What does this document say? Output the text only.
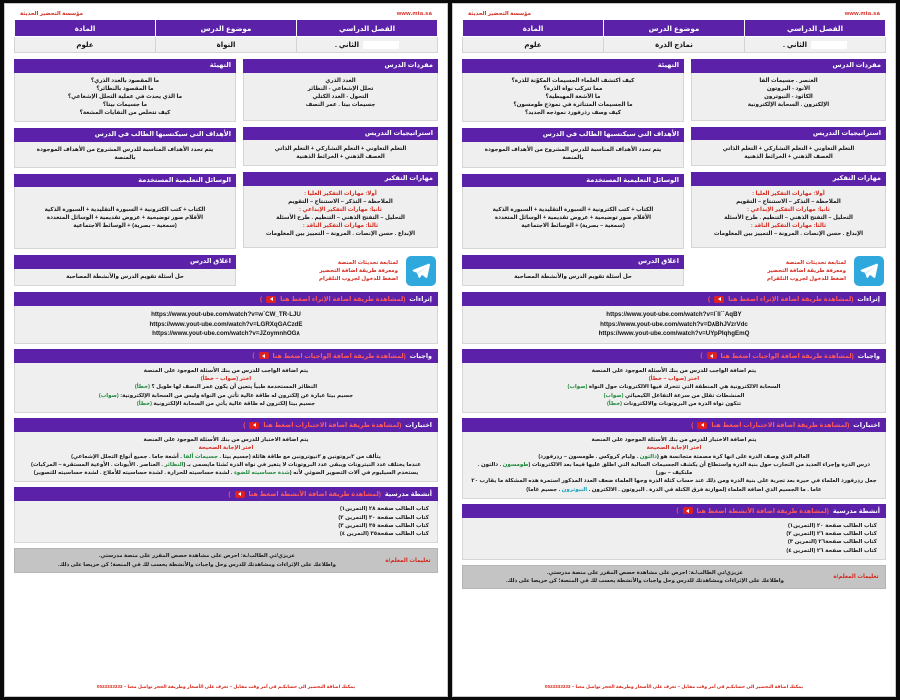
www.mta.sa
مؤسسة التحضير الحديثة
الفصل الدراسي	موضوع الدرس	المادة
الثاني .	نماذج الذرة	علوم
مفردات الدرس
العنصر . جسيمات ألفا
الأنود - البروتون
الكاثود - النيوترون
الإلكترون . السحابة الإلكترونية
استراتيجيات التدريس
التعلم التعاوني + التعلم التشاركي + التعلم الذاتي
العصف الذهني + الخرائط الذهنية
مهارات التفكير
أولا: مهارات التفكير العليا :
الملاحظة – التذكر – الاستنتاج – التقويم
ثانيا: مهارات التفكير الإبداعي :
التحليل – التفتح الذهني – التنظيم . طرح الأسئلة
ثالثا: مهارات التفكير الناقد :
الإبداع . حسن الإنصات . المرونة – التمييز بين المعلومات
لمتابعة تحديثات المنصة
ومعرفة طريقة اضافة التحضير
اضغط للدخول لجروب التلقرام
التهيئة
كيف اكتشف العلماء الجسيمات المكوّنة للذرة؟
مما تتركب نواة الذرة؟
ما الأشعة المهبطية؟
ما الجسيمات المتناثرة في نموذج طومسون؟
كيف وصف رذرفورد نموذجه الجديد؟
الأهداف التي سيكتسبها الطالب في الدرس
يتم تحدد الأهداف المناسبة للدرس المشروح من الأهداف الموجودة
بالمنصة
الوسائل التعليمية المستخدمة
الكتاب + كتب الكترونية + السبورة التقليدية + السبورة الذكية
الأقلام صور توضيحية + عروض تقديمية + الوسائل المتعددة
(سمعية – بصرية) + الوسائط الاجتماعية
اغلاق الدرس
حل أسئلة تقويم الدرس والأنشطة المصاحبة
إثراءات
(لمشاهدة طريقة اضافة الإثراء اضغط هنا
)
https://www.yout-ube.com/watch?v=l`ll``AqBY
https://www.yout-ube.com/watch?v=D٨BhJVzrVdc
https://www.yout-ube.com/watch?v=UYpPIqhgEmQ
واجبات
(لمشاهدة طريقة اضافة الواجبات اضغط هنا
)
يتم اضافة الواجب للدرس من بنك الأسئلة الموجود على المنصة
اختر (صواب – خطأ)
السحابة الالكترونية هي المنطقة التي تتحرك فيها الالكترونات حول النواة (صواب)
المنشطات تقلل من سرعة التفاعل الكيميائي (صواب)
تتكون نواة الذرة من البروتونات والالكترونات (خطأ)
اختبارات
(لمشاهدة طريقة اضافة الاختبارات اضغط هنا
)
يتم اضافة الاختبار للدرس من بنك الأسئلة الموجود على المنصة
اختر الإجابة الصحيحة
العالم الذي وصف الذرة على انها كرة مصمتة متجانسة هو (دالتون . وليام كروكس . طومسون – رذرفورد)
درس الذرة وإجراء العديد من التجارب حول بنية الذرة واستطاع أن يكشف الجسيمات السالبة التي اطلق عليها فيما بعد الالكترونات (طومسون . دالتون . ملنكيف – بور)
جعل رذرفورد العلماء في حيرة بعد تجربة على بنية الذرة ومن ذلك عند حساب كتلة الذرة وجها العلماء ضعف العدد المذكور استمرة هذه المشكلة ما يقارب ٢٠ عاما . ما الجسيم الذي اضافة العلماء (لموازنة فرق الكتلة في الذرة . البروتون . الالكترون . النيوترون . جسيم غاما)
أنشطة مدرسية
(لمشاهدة طريقة اضافة الأنشطة اضغط هنا
)
كتاب الطالب صفحة ٢٠ (التمرين١)
كتاب الطالب صفحة ٢٦ (التمرين ٢)
كتاب الطالب صفحة٢٦ (التمرين ٣)
كتاب الطالب صفحة ٢٦ (التمرين ٤)
تعليمات المعلم/ة
عزيزي/تي الطالب/ـة: احرص على مشاهدة حصص المقرر على منصة مدرستي.
واطلاعك على الإثراءات ومشاهدتك للدرس وحل واجبات والأنشطة يحسب لك في المنصة؛ كن حريصا على ذلك.
يمكنك اضافة التحضير الى حسابكـم في أمر وقت مقابل – تعرف على الأسعار وطريقة الحجز تواصل معنا – 0533333333
www.mta.sa
مؤسسة التحضير الحديثة
الفصل الدراسي	موضوع الدرس	المادة
الثاني .	النواة	علوم
مفردات الدرس
العدد الذري
تحلل الإشعاعي - النظائر
التحول - العدد الكتلي
جسيمات بيتا . عمر النصف
استراتيجيات التدريس
التعلم التعاوني + التعلم التشاركي + التعلم الذاتي
العصف الذهني + الخرائط الذهنية
مهارات التفكير
أولا: مهارات التفكير العليا :
الملاحظة – التذكر – الاستنتاج – التقويم
ثانيا: مهارات التفكير الإبداعي :
التحليل – التفتح الذهني – التنظيم . طرح الأسئلة
ثالثا: مهارات التفكير الناقد :
الإبداع . حسن الإنصات . المرونة – التمييز بين المعلومات
لمتابعة تحديثات المنصة
ومعرفة طريقة اضافة التحضير
اضغط للدخول لجروب التلقرام
التهيئة
ما المقصود بالعدد الذري؟
ما المقصود بالنظائر؟
ما الذي يحدث في عملية التحلل الإشعاعي؟
ما جسيمات بيتا؟
كيف تتخلص من النفايات المشعة؟
الأهداف التي سيكتسبها الطالب في الدرس
يتم تحدد الأهداف المناسبة للدرس المشروح من الأهداف الموجودة
بالمنصة
الوسائل التعليمية المستخدمة
الكتاب + كتب الكترونية + السبورة التقليدية + السبورة الذكية
الأقلام صور توضيحية + عروض تقديمية + الوسائل المتعددة
(سمعية – بصرية) + الوسائط الاجتماعية
اغلاق الدرس
حل أسئلة تقويم الدرس والأنشطة المصاحبة
إثراءات
(لمشاهدة طريقة اضافة الإثراء اضغط هنا
)
https://www.yout-ube.com/watch?v=w`CW_TR-LJU
https://www.yout-ube.com/watch?v=LGRXqGACzdE
https://www.yout-ube.com/watch?v=JZoymnhOG٨
واجبات
(لمشاهدة طريقة اضافة الواجبات اضغط هنا
)
يتم اضافة الواجب للدرس من بنك الأسئلة الموجود على المنصة
اختر (صواب – خطأ)
النظائر المستخدمة طبياً يتعين أن يكون عمر النصف لها طويل ؟ (خطأ)
جسيم بيتا عبارة عن إلكترون له طاقة عالية تأتي من النواة وليس من السحابة الإلكترونية: (صواب)
جسيم بيتا إلكترون له طاقة عالية يأتي من السحابة الإلكترونية (خطأ)
اختبارات
(لمشاهدة طريقة اضافة الاختبارات اضغط هنا
)
يتم اضافة الاختبار للدرس من بنك الأسئلة الموجود على المنصة
اختر الإجابة الصحيحة
يتألف من ٢بروتونين و ٢نيوترونين مع طاقة هائلة (جسيم بيتا . جسيمات ألفا . أشعة جاما . جميع أنواع التحلل الإشعاعي)
عندما يختلف عدد النيترونات ويبقى عدد البروتونات لا يتغير في نواة الذرة نُشئا مايسمى بـ (النظائر . العناصر . الأيونات . الأوعية المستقرة – المركبات)
يستخدم السيليوم في آلات التصوير الضوئي لأنه (شدة حساسيته للضوء . لشدة حساسيته للحرارة . لشدة حساسيته للأملاح . لشدة حساسيته للتصوير)
أنشطة مدرسية
(لمشاهدة طريقة اضافة الأنشطة اضغط هنا
)
كتاب الطالب صفحة ٢٨ (التمرين١)
كتاب الطالب صفحة ٣٠ (التمرين ٢)
كتاب الطالب صفحة ٣٥ (التمرين ٣)
كتاب الطالب صفحة٣٥ (التمرين ٤)
تعليمات المعلم/ة
عزيزي/تي الطالب/ـة: احرص على مشاهدة حصص المقرر على منصة مدرستي.
واطلاعك على الإثراءات ومشاهدتك للدرس وحل واجبات والأنشطة يحسب لك في المنصة؛ كن حريصا على ذلك.
يمكنك اضافة التحضير الى حسابكـم في أمر وقت مقابل – تعرف على الأسعار وطريقة الحجز تواصل معنا – 0533333333
